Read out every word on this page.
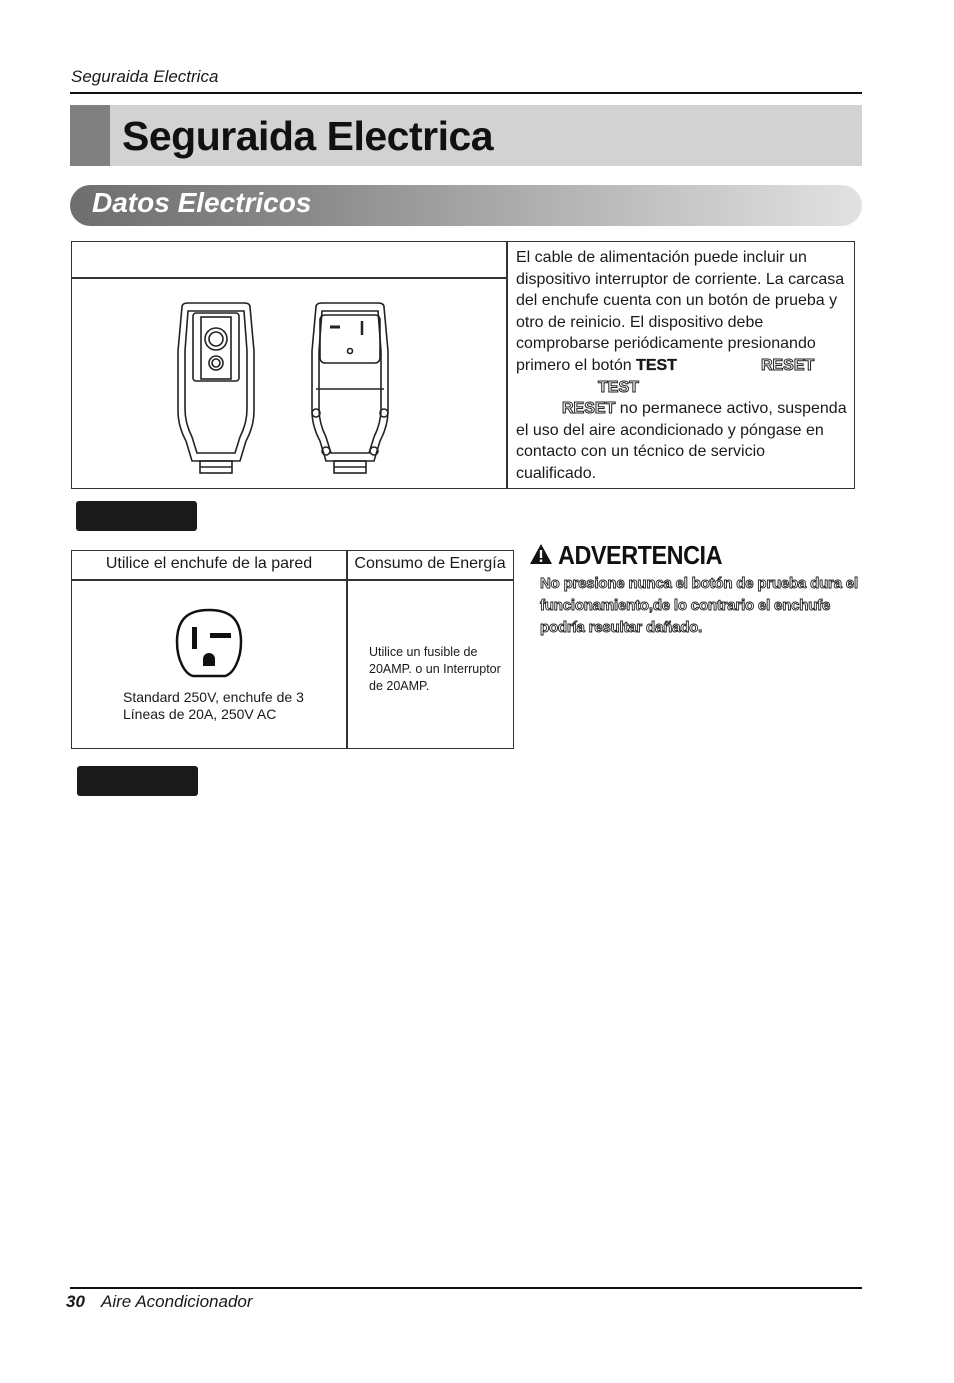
Seguraida Electrica
Seguraida Electrica
Datos Electricos
El cable de alimentación puede incluir un dispositivo interruptor de corriente. La carcasa del enchufe cuenta con un botón de prueba y otro de reinicio. El dispositivo debe comprobarse periódicamente presionando primero el botón TEST	RESET
TEST
RESET no permanece activo, suspenda el uso del aire acondicionado y póngase en contacto con un técnico de servicio cualificado.
Utilice el enchufe de la pared	Consumo de Energía
Standard 250V, enchufe de 3 Líneas de 20A, 250V AC
Utilice un fusible de 20AMP. o un Interruptor de 20AMP.
ADVERTENCIA
No presione nunca el botón de prueba dura el funcionamiento,de lo contrario el enchufe podría resultar dañado.
30 Aire Acondicionador
